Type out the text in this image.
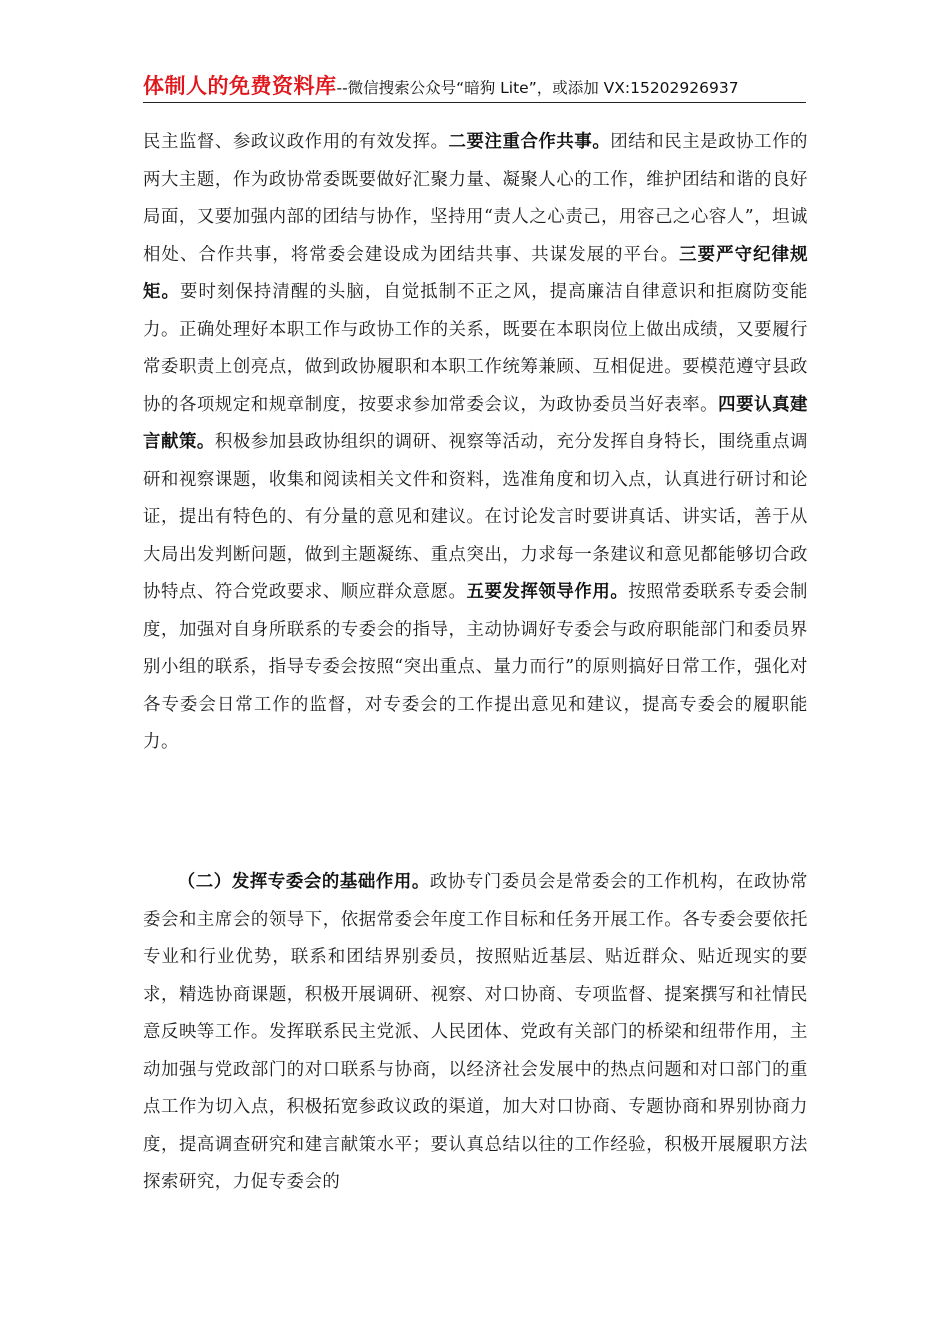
体制人的免费资料库--微信搜索公众号“暗狗 Lite”，或添加 VX:15202926937
民主监督、参政议政作用的有效发挥。二要注重合作共事。团结和民主是政协工作的两大主题，作为政协常委既要做好汇聚力量、凝聚人心的工作，维护团结和谐的良好局面，又要加强内部的团结与协作，坚持用“责人之心责己，用容己之心容人”，坦诚相处、合作共事，将常委会建设成为团结共事、共谋发展的平台。三要严守纪律规矩。要时刻保持清醒的头脑，自觉抵制不正之风，提高廉洁自律意识和拒腐防变能力。正确处理好本职工作与政协工作的关系，既要在本职岗位上做出成绩，又要履行常委职责上创亮点，做到政协履职和本职工作统筹兼顾、互相促进。要模范遵守县政协的各项规定和规章制度，按要求参加常委会议，为政协委员当好表率。四要认真建言献策。积极参加县政协组织的调研、视察等活动，充分发挥自身特长，围绕重点调研和视察课题，收集和阅读相关文件和资料，选准角度和切入点，认真进行研讨和论证，提出有特色的、有分量的意见和建议。在讨论发言时要讲真话、讲实话，善于从大局出发判断问题，做到主题凝练、重点突出，力求每一条建议和意见都能够切合政协特点、符合党政要求、顺应群众意愿。五要发挥领导作用。按照常委联系专委会制度，加强对自身所联系的专委会的指导，主动协调好专委会与政府职能部门和委员界别小组的联系，指导专委会按照“突出重点、量力而行”的原则搞好日常工作，强化对各专委会日常工作的监督，对专委会的工作提出意见和建议，提高专委会的履职能力。
（二）发挥专委会的基础作用。政协专门委员会是常委会的工作机构，在政协常委会和主席会的领导下，依据常委会年度工作目标和任务开展工作。各专委会要依托专业和行业优势，联系和团结界别委员，按照贴近基层、贴近群众、贴近现实的要求，精选协商课题，积极开展调研、视察、对口协商、专项监督、提案撰写和社情民意反映等工作。发挥联系民主党派、人民团体、党政有关部门的桥梁和纽带作用，主动加强与党政部门的对口联系与协商，以经济社会发展中的热点问题和对口部门的重点工作为切入点，积极拓宽参政议政的渠道，加大对口协商、专题协商和界别协商力度，提高调查研究和建言献策水平；要认真总结以往的工作经验，积极开展履职方法探索研究，力促专委会的
